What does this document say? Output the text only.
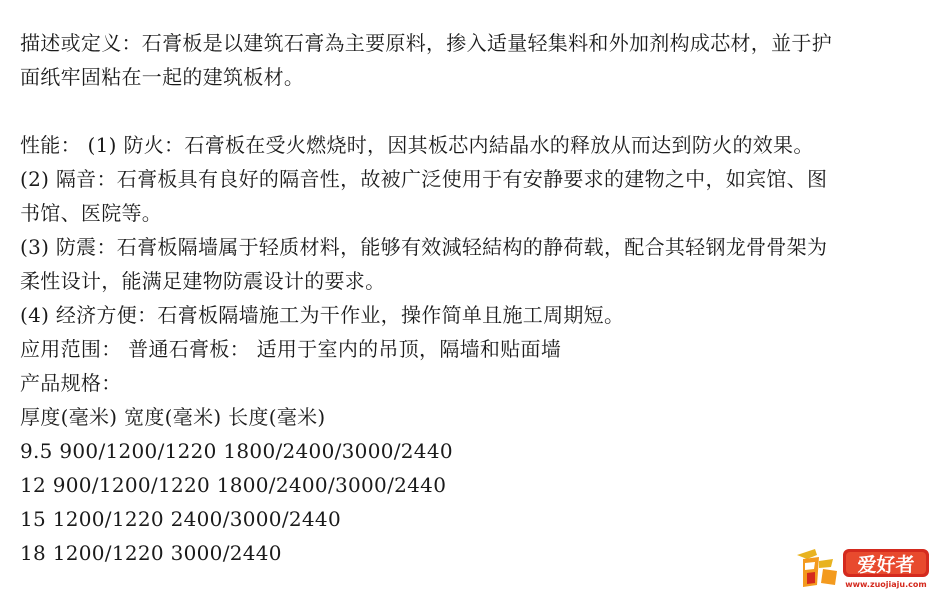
描述或定义：石膏板是以建筑石膏為主要原料，掺入适量轻集料和外加剂构成芯材，並于护
面纸牢固粘在一起的建筑板材。
性能： (1) 防火：石膏板在受火燃烧时，因其板芯内結晶水的释放从而达到防火的效果。
(2) 隔音：石膏板具有良好的隔音性，故被广泛使用于有安静要求的建物之中，如宾馆、图
书馆、医院等。
(3) 防震：石膏板隔墙属于轻质材料，能够有效減轻結构的静荷载，配合其轻钢龙骨骨架为
柔性设计，能满足建物防震设计的要求。
(4) 经济方便：石膏板隔墙施工为干作业，操作简单且施工周期短。
应用范围： 普通石膏板： 适用于室内的吊顶，隔墙和贴面墙
产品规格：
厚度(毫米) 宽度(毫米) 长度(毫米)
9.5 900/1200/1220 1800/2400/3000/2440
12 900/1200/1220 1800/2400/3000/2440
15 1200/1220 2400/3000/2440
18 1200/1220 3000/2440	爱好者
www.zuojiaju.com
